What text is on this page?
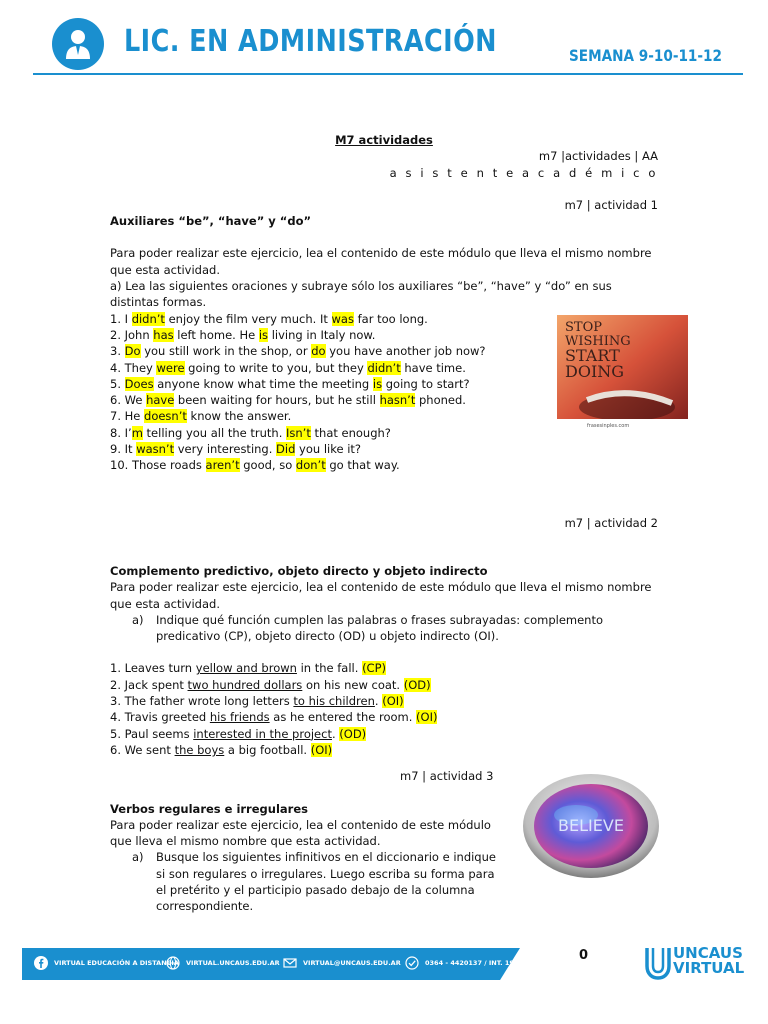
LIC. EN ADMINISTRACIÓN	SEMANA 9-10-11-12
M7 actividades
m7 |actividades | AA
a s i s t e n t e a c a d é m i c o
m7 | actividad 1
Auxiliares “be”, “have” y “do”
Para poder realizar este ejercicio, lea el contenido de este módulo que lleva el mismo nombre que esta actividad.
a) Lea las siguientes oraciones y subraye sólo los auxiliares “be”, “have” y “do” en sus distintas formas.
1. I didn’t enjoy the film very much. It was far too long.
2. John has left home. He is living in Italy now.
3. Do you still work in the shop, or do you have another job now?
4. They were going to write to you, but they didn’t have time.
5. Does anyone know what time the meeting is going to start?
6. We have been waiting for hours, but he still hasn’t phoned.
7. He doesn’t know the answer.
8. I’m telling you all the truth. Isn’t that enough?
9. It wasn’t very interesting. Did you like it?
10. Those roads aren’t good, so don’t go that way.
m7 | actividad 2
Complemento predictivo, objeto directo y objeto indirecto
Para poder realizar este ejercicio, lea el contenido de este módulo que lleva el mismo nombre que esta actividad.
a) Indique qué función cumplen las palabras o frases subrayadas: complemento predicativo (CP), objeto directo (OD) u objeto indirecto (OI).
1. Leaves turn yellow and brown in the fall. (CP)
2. Jack spent two hundred dollars on his new coat. (OD)
3. The father wrote long letters to his children. (OI)
4. Travis greeted his friends as he entered the room. (OI)
5. Paul seems interested in the project. (OD)
6. We sent the boys a big football. (OI)
m7 | actividad 3
Verbos regulares e irregulares
Para poder realizar este ejercicio, lea el contenido de este módulo
que lleva el mismo nombre que esta actividad.
a) Busque los siguientes infinitivos en el diccionario e indique
si son regulares o irregulares. Luego escriba su forma para
el pretérito y el participio pasado debajo de la columna
correspondiente.
STOP
WISHING
START
DOING
frasesinples.com
BELIEVE
VIRTUAL EDUCACIÓN A DISTANCIA VIRTUAL.UNCAUS.EDU.AR	VIRTUAL@UNCAUS.EDU.AR	0364 - 4420137 / INT. 190	0	UNCAUS
VIRTUAL
